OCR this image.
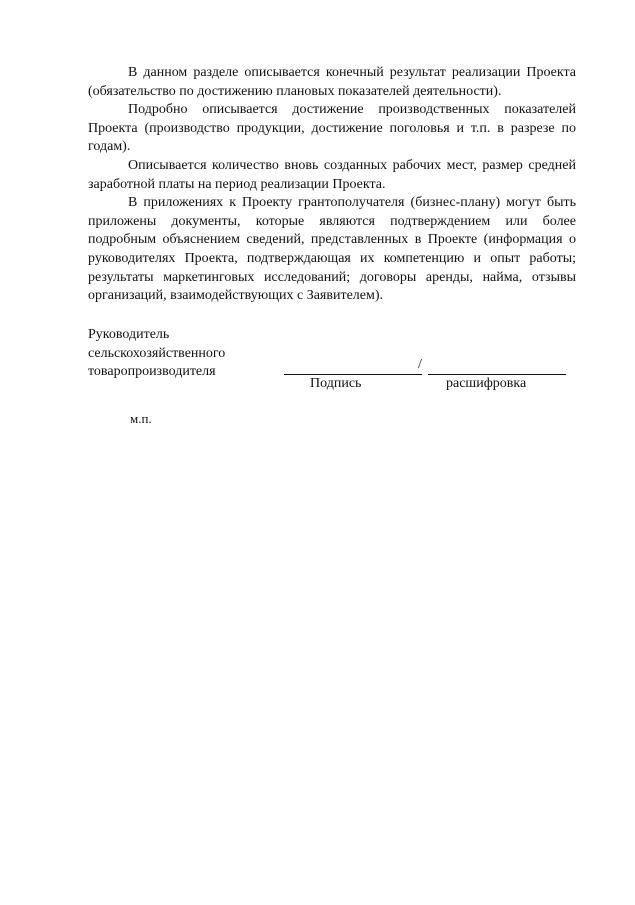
В данном разделе описывается конечный результат реализации Проекта (обязательство по достижению плановых показателей деятельности).

Подробно описывается достижение производственных показателей Проекта (производство продукции, достижение поголовья и т.п. в разрезе по годам).

Описывается количество вновь созданных рабочих мест, размер средней заработной платы на период реализации Проекта.

В приложениях к Проекту грантополучателя (бизнес-плану) могут быть приложены документы, которые являются подтверждением или более подробным объяснением сведений, представленных в Проекте (информация о руководителях Проекта, подтверждающая их компетенцию и опыт работы; результаты маркетинговых исследований; договоры аренды, найма, отзывы организаций, взаимодействующих с Заявителем).

Руководитель
сельскохозяйственного
товаропроизводителя	/
Подпись	расшифровка
м.п.
